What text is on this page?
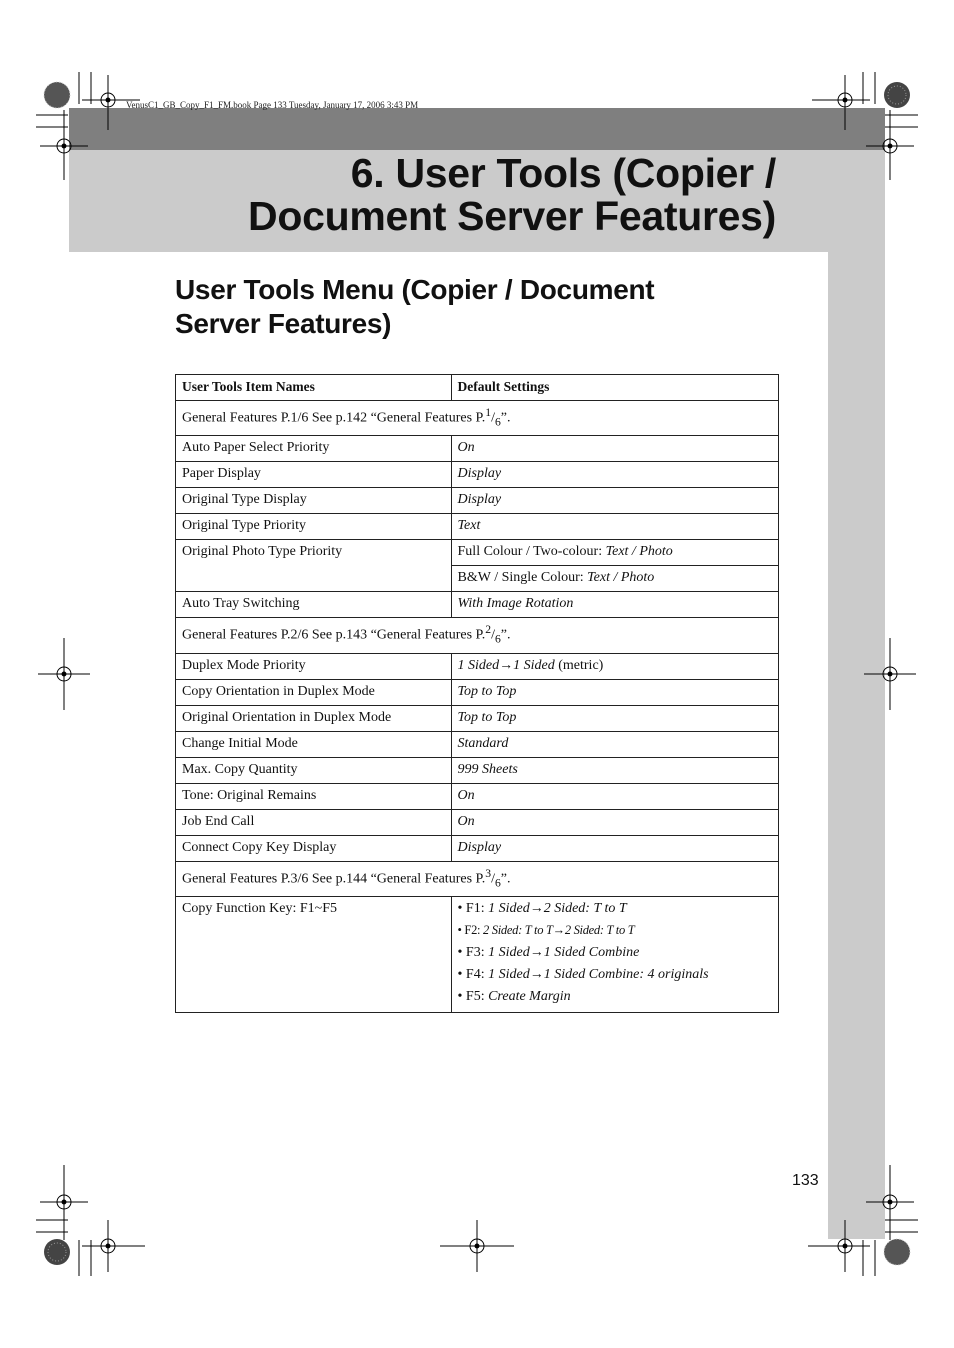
VenusC1_GB_Copy_F1_FM.book Page 133 Tuesday, January 17, 2006 3:43 PM
6. User Tools (Copier /
Document Server Features)
User Tools Menu (Copier / Document
Server Features)
User Tools Item Names	Default Settings
General Features P.1/6 See p.142 “General Features $P.^1/_6$”.	
Auto Paper Select Priority	On
Paper Display	Display
Original Type Display	Display
Original Type Priority	Text
Original Photo Type Priority	Full Colour / Two-colour: Text / Photo
	B&W / Single Colour: Text / Photo
Auto Tray Switching	With Image Rotation
General Features P.2/6 See p.143 “General Features $P.^2/_6$”.	
Duplex Mode Priority	1 Sided→1 Sided (metric)
Copy Orientation in Duplex Mode	Top to Top
Original Orientation in Duplex Mode	Top to Top
Change Initial Mode	Standard
Max. Copy Quantity	999 Sheets
Tone: Original Remains	On
Job End Call	On
Connect Copy Key Display	Display
General Features P.3/6 See p.144 “General Features $P.^3/_6$”.	
Copy Function Key: F1~F5	• F1: 1 Sided→2 Sided: T to T
• F2: 2 Sided: T to T→2 Sided: T to T
• F3: 1 Sided→1 Sided Combine
• F4: 1 Sided→1 Sided Combine: 4 originals
• F5: Create Margin
133
